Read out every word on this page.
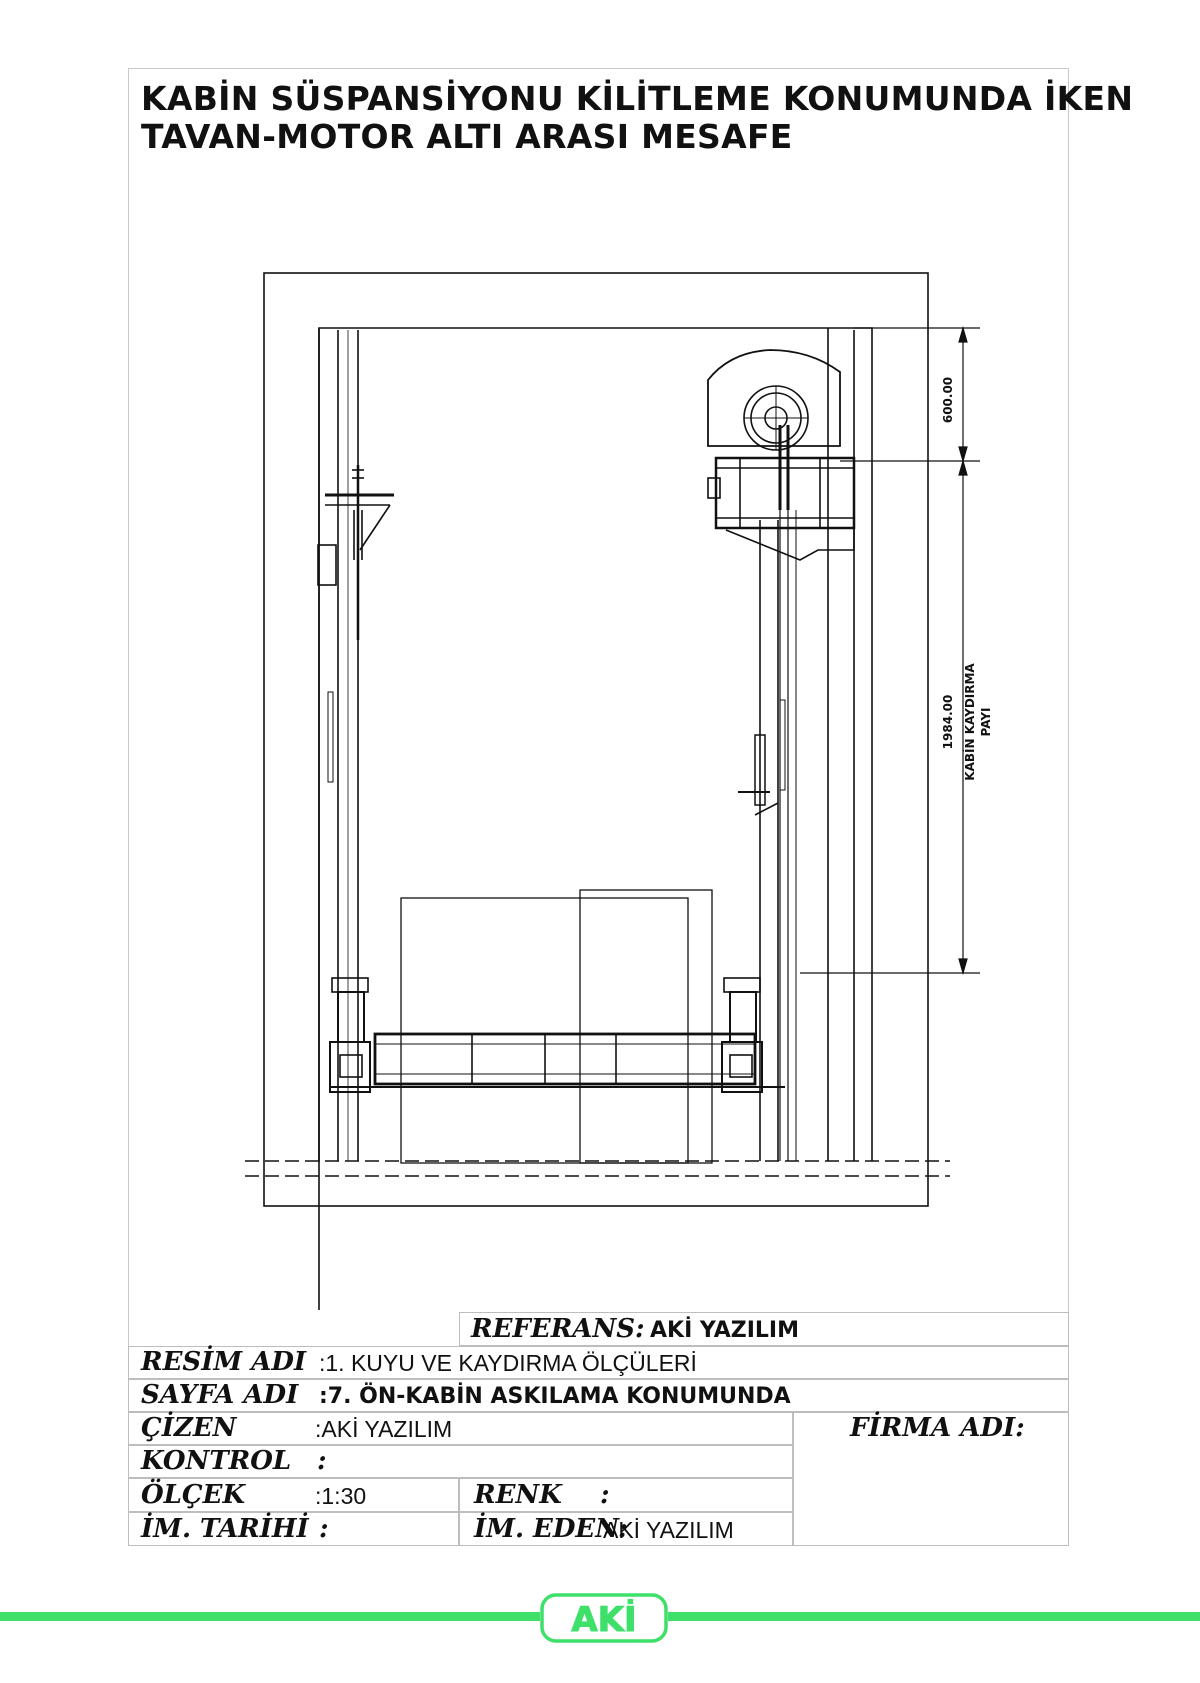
KABİN SÜSPANSİYONU KİLİTLEME KONUMUNDA İKEN
TAVAN-MOTOR ALTI ARASI MESAFE
600.00
1984.00 KABİN KAYDIRMA PAYI
REFERANS: AKİ YAZILIM
RESİM ADI :1. KUYU VE KAYDIRMA ÖLÇÜLERİ
SAYFA ADI :7. ÖN-KABİN ASKILAMA KONUMUNDA
ÇİZEN	:AKİ YAZILIM
KONTROL :
ÖLÇEK	:1:30	RENK :
İM. TARİHİ :	İM. EDEN:
AKİ YAZILIM
FİRMA ADI:
AKİ
